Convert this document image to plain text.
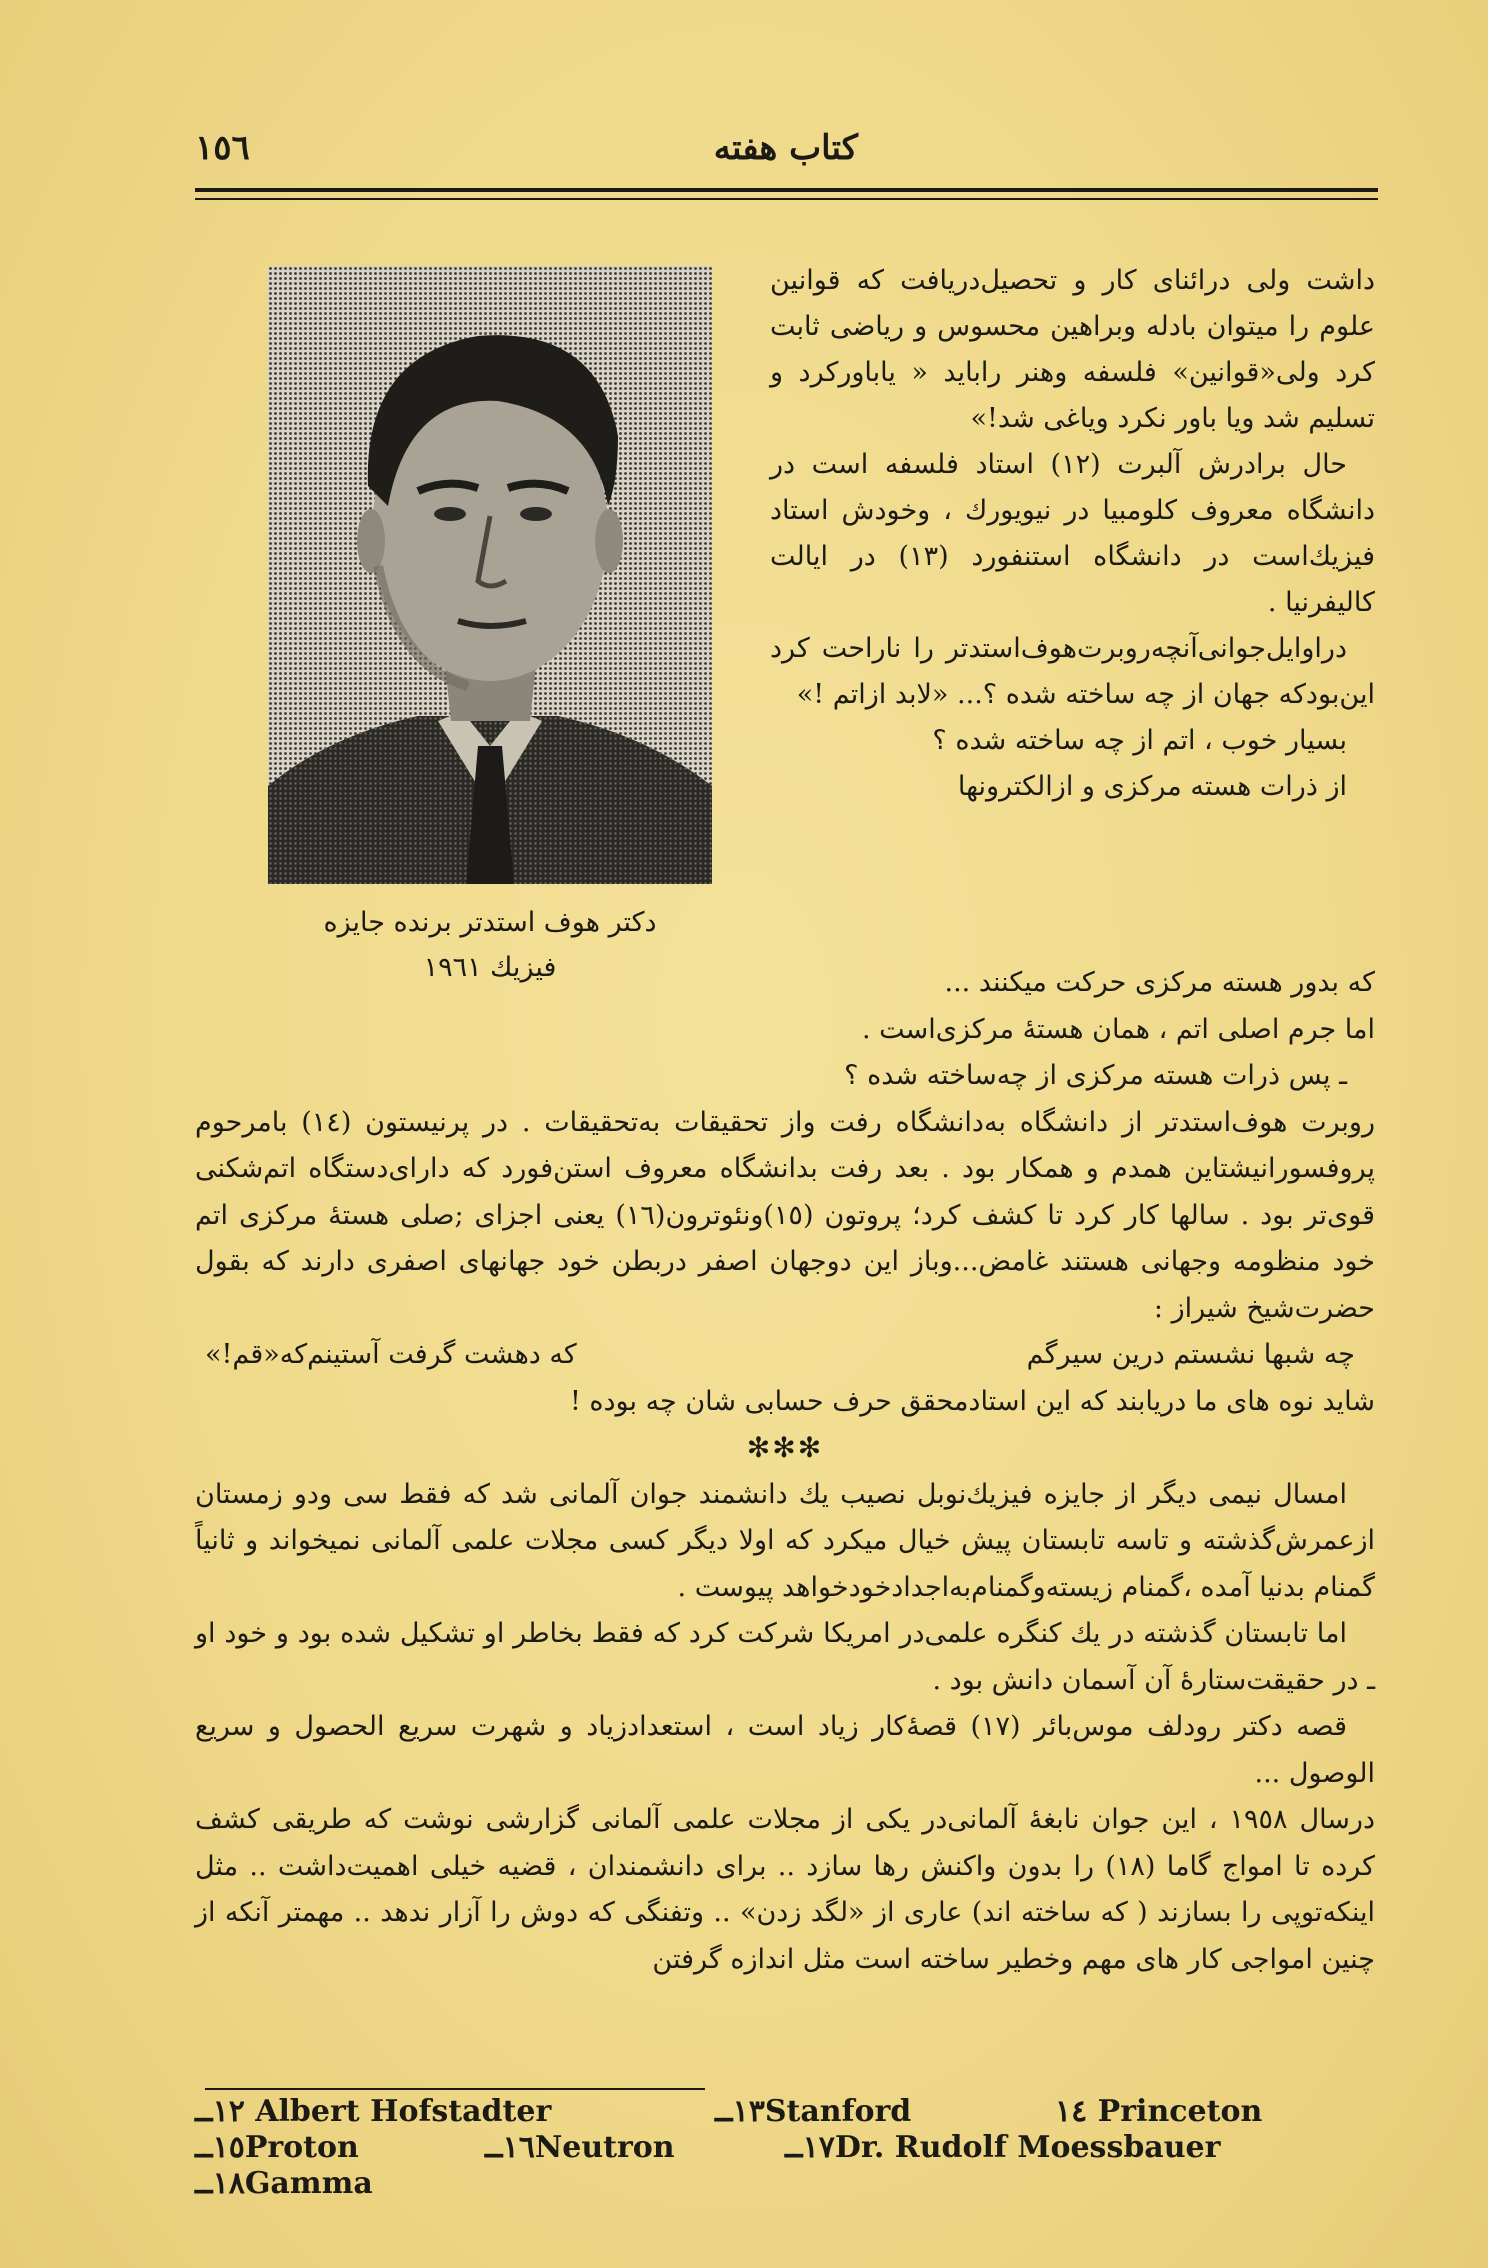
كتاب هفته
١٥٦
دكتر هوف استدتر برنده جايزه
فيزيك ١٩٦١

داشت ولی درائنای کار و تحصیل‌دریافت که قوانین علوم را میتوان بادله وبراهین محسوس و ریاضی ثابت کرد ولی«قوانین» فلسفه وهنر رابايد « یاباورکرد و تسلیم شد ویا باور نکرد وياغی شد!»

حال برادرش آلبرت (١٢) استاد فلسفه است در دانشگاه معروف کلومبیا در نیویورك ، وخودش استاد فیزیك‌است در دانشگاه استنفورد (١٣) در ایالت کالیفرنیا .

دراوایل‌جوانی‌آنچه‌روبرت‌هوف‌استدتر را ناراحت کرد این‌بودکه جهان از چه ساخته شده ؟... «لابد ازاتم !»

بسیار خوب ، اتم از چه ساخته شده ؟

از ذرات هسته مرکزی و ازالکترونها

كه بدور هسته مرکزی حرکت میکنند ...

اما جرم اصلی اتم ، همان هستهٔ مرکزی‌است .

ـ پس ذرات هسته مرکزی از چه‌ساخته شده ؟

روبرت هوف‌استدتر از دانشگاه به‌دانشگاه رفت واز تحقیقات به‌تحقیقات . در پرنیستون (١٤) بامرحوم پروفسورانیشتاین همدم و همکار بود . بعد رفت بدانشگاه معروف استن‌فورد که دارای‌دستگاه اتم‌شکنی قوی‌تر بود . سالها کار کرد تا کشف کرد؛ پروتون (١٥)ونئوترون(١٦) یعنی اجزای ;صلی هستهٔ مرکزی اتم خود منظومه وجهانی هستند غامض...وباز این دوجهان اصفر دربطن خود جهانهای اصفری دارند که بقول حضرت‌شیخ شیراز :

چه شبها نشستم درین سیرگم
که دهشت گرفت آستینم‌که«قم!»

شاید نوه های ما دریابند که این استادمحقق حرف حسابی شان چه بوده !

✻✻✻

امسال نیمی دیگر از جایزه فیزیك‌نوبل نصیب یك دانشمند جوان آلمانی شد که فقط سی ودو زمستان ازعمرش‌گذشته و تاسه تابستان پیش خیال میکرد که اولا دیگر کسی مجلات علمی آلمانی نمیخواند و ثانیاً گمنام بدنیا آمده ،گمنام زیسته‌وگمنام‌به‌اجدادخودخواهد پیوست .

اما تابستان گذشته در یك کنگره علمی‌در امریکا شرکت کرد که فقط بخاطر او تشکیل شده بود و خود او ـ در حقیقت‌ستارهٔ آن آسمان دانش بود .

قصه دکتر رودلف موس‌بائر (١٧) قصهٔ‌کار زیاد است ، استعدادزیاد و شهرت سریع الحصول و سریع الوصول ...

درسال ١٩٥٨ ، این جوان نابغهٔ آلمانی‌در یکی از مجلات علمی آلمانی گزارشی نوشت که طریقی کشف کرده تا امواج گاما (١٨) را بدون واکنش رها سازد .. برای دانشمندان ، قضیه خیلی اهمیت‌داشت .. مثل اینکه‌توپی را بسازند ( که ساخته اند) عاری از «لگد زدن» .. وتفنگی که دوش را آزار ندهد .. مهمتر آنکه از چنین امواجی کار های مهم وخطیر ساخته است مثل اندازه گرفتن

١٢ــ Albert Hofstadter	١٣ــStanford	١٤ Princeton
١٥ــProton	١٦ــNeutron	١٧ــDr. Rudolf Moessbauer
١٨ــGamma
